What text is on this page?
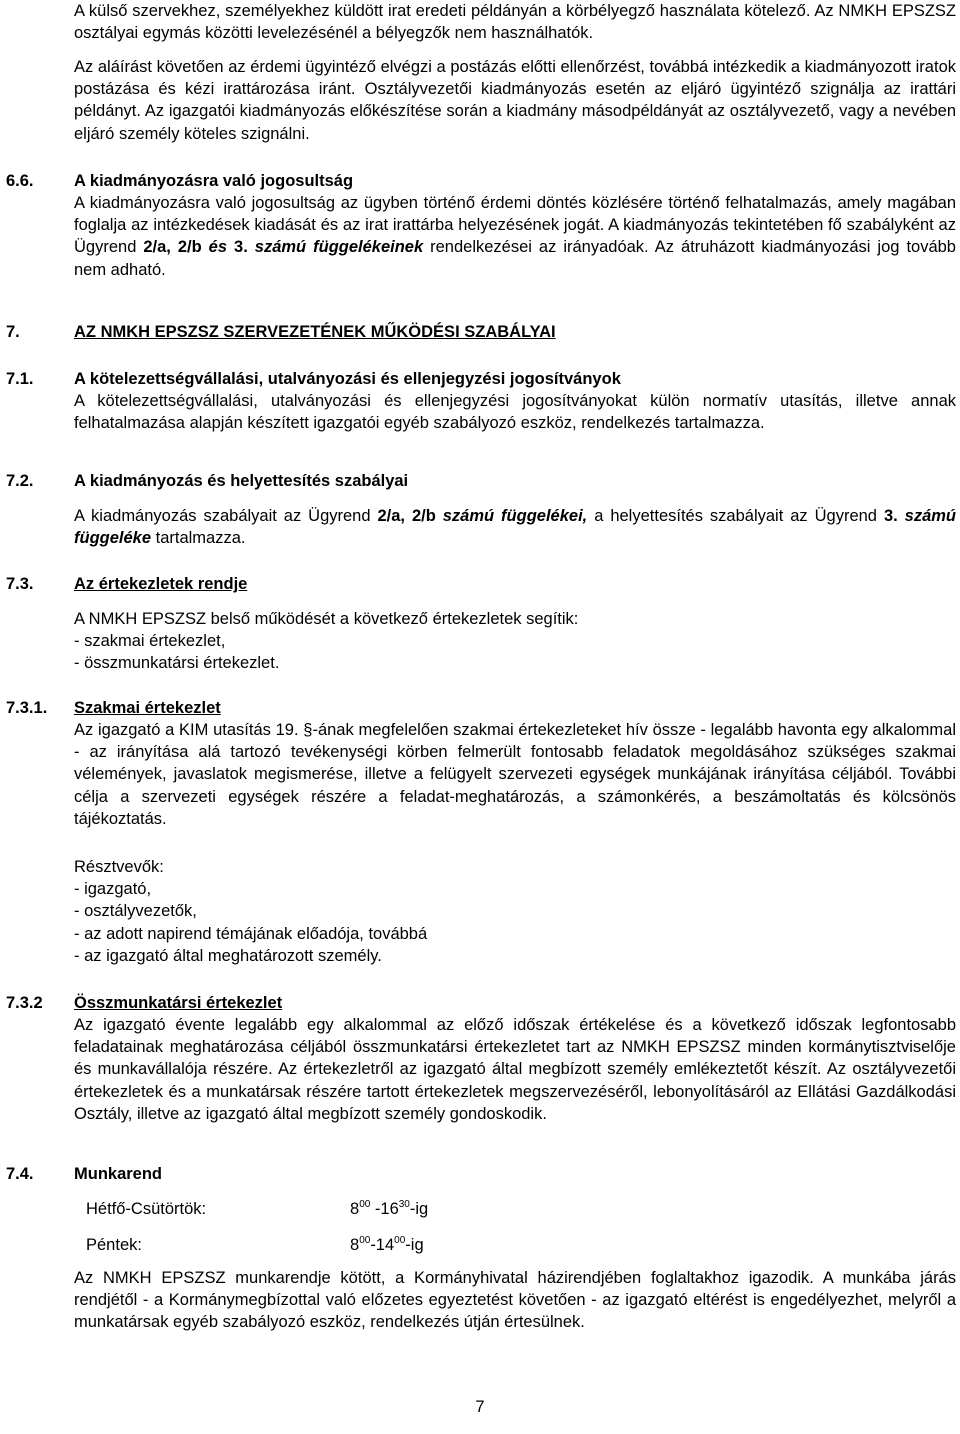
A külső szervekhez, személyekhez küldött irat eredeti példányán a körbélyegző használata kötelező. Az NMKH EPSZSZ osztályai egymás közötti levelezésénél a bélyegzők nem használhatók.

Az aláírást követően az érdemi ügyintéző elvégzi a postázás előtti ellenőrzést, továbbá intézkedik a kiadmányozott iratok postázása és kézi irattározása iránt. Osztályvezetői kiadmányozás esetén az eljáró ügyintéző szignálja az irattári példányt. Az igazgatói kiadmányozás előkészítése során a kiadmány másodpéldányát az osztályvezető, vagy a nevében eljáró személy köteles szignálni.

6.6. A kiadmányozásra való jogosultság

A kiadmányozásra való jogosultság az ügyben történő érdemi döntés közlésére történő felhatalmazás, amely magában foglalja az intézkedések kiadását és az irat irattárba helyezésének jogát. A kiadmányozás tekintetében fő szabályként az Ügyrend 2/a, 2/b és 3. számú függelékeinek rendelkezései az irányadóak. Az átruházott kiadmányozási jog tovább nem adható.

7.	AZ NMKH EPSZSZ SZERVEZETÉNEK MŰKÖDÉSI SZABÁLYAI
7.1. A kötelezettségvállalási, utalványozási és ellenjegyzési jogosítványok

A kötelezettségvállalási, utalványozási és ellenjegyzési jogosítványokat külön normatív utasítás, illetve annak felhatalmazása alapján készített igazgatói egyéb szabályozó eszköz, rendelkezés tartalmazza.

7.2. A kiadmányozás és helyettesítés szabályai

A kiadmányozás szabályait az Ügyrend 2/a, 2/b számú függelékei, a helyettesítés szabályait az Ügyrend 3. számú függeléke tartalmazza.

7.3. Az értekezletek rendje
A NMKH EPSZSZ belső működését a következő értekezletek segítik:
- szakmai értekezlet,
- összmunkatársi értekezlet.
7.3.1. Szakmai értekezlet

Az igazgató a KIM utasítás 19. §-ának megfelelően szakmai értekezleteket hív össze - legalább havonta egy alkalommal - az irányítása alá tartozó tevékenységi körben felmerült fontosabb feladatok megoldásához szükséges szakmai vélemények, javaslatok megismerése, illetve a felügyelt szervezeti egységek munkájának irányítása céljából. További célja a szervezeti egységek részére a feladat-meghatározás, a számonkérés, a beszámoltatás és kölcsönös tájékoztatás.

Résztvevők:
- igazgató,
- osztályvezetők,
- az adott napirend témájának előadója, továbbá
- az igazgató által meghatározott személy.
7.3.2 Összmunkatársi értekezlet

Az igazgató évente legalább egy alkalommal az előző időszak értékelése és a következő időszak legfontosabb feladatainak meghatározása céljából összmunkatársi értekezletet tart az NMKH EPSZSZ minden kormánytisztviselője és munkavállalója részére. Az értekezletről az igazgató által megbízott személy emlékeztetőt készít. Az osztályvezetői értekezletek és a munkatársak részére tartott értekezletek megszervezéséről, lebonyolításáról az Ellátási Gazdálkodási Osztály, illetve az igazgató által megbízott személy gondoskodik.

7.4. Munkarend
Hétfő-Csütörtök:	$8^{00}$ $-16^{30}-ig$
Péntek:	$8^{00}-14^{00}-ig$

Az NMKH EPSZSZ munkarendje kötött, a Kormányhivatal házirendjében foglaltakhoz igazodik. A munkába járás rendjétől - a Kormánymegbízottal való előzetes egyeztetést követően - az igazgató eltérést is engedélyezhet, melyről a munkatársak egyéb szabályozó eszköz, rendelkezés útján értesülnek.

7
